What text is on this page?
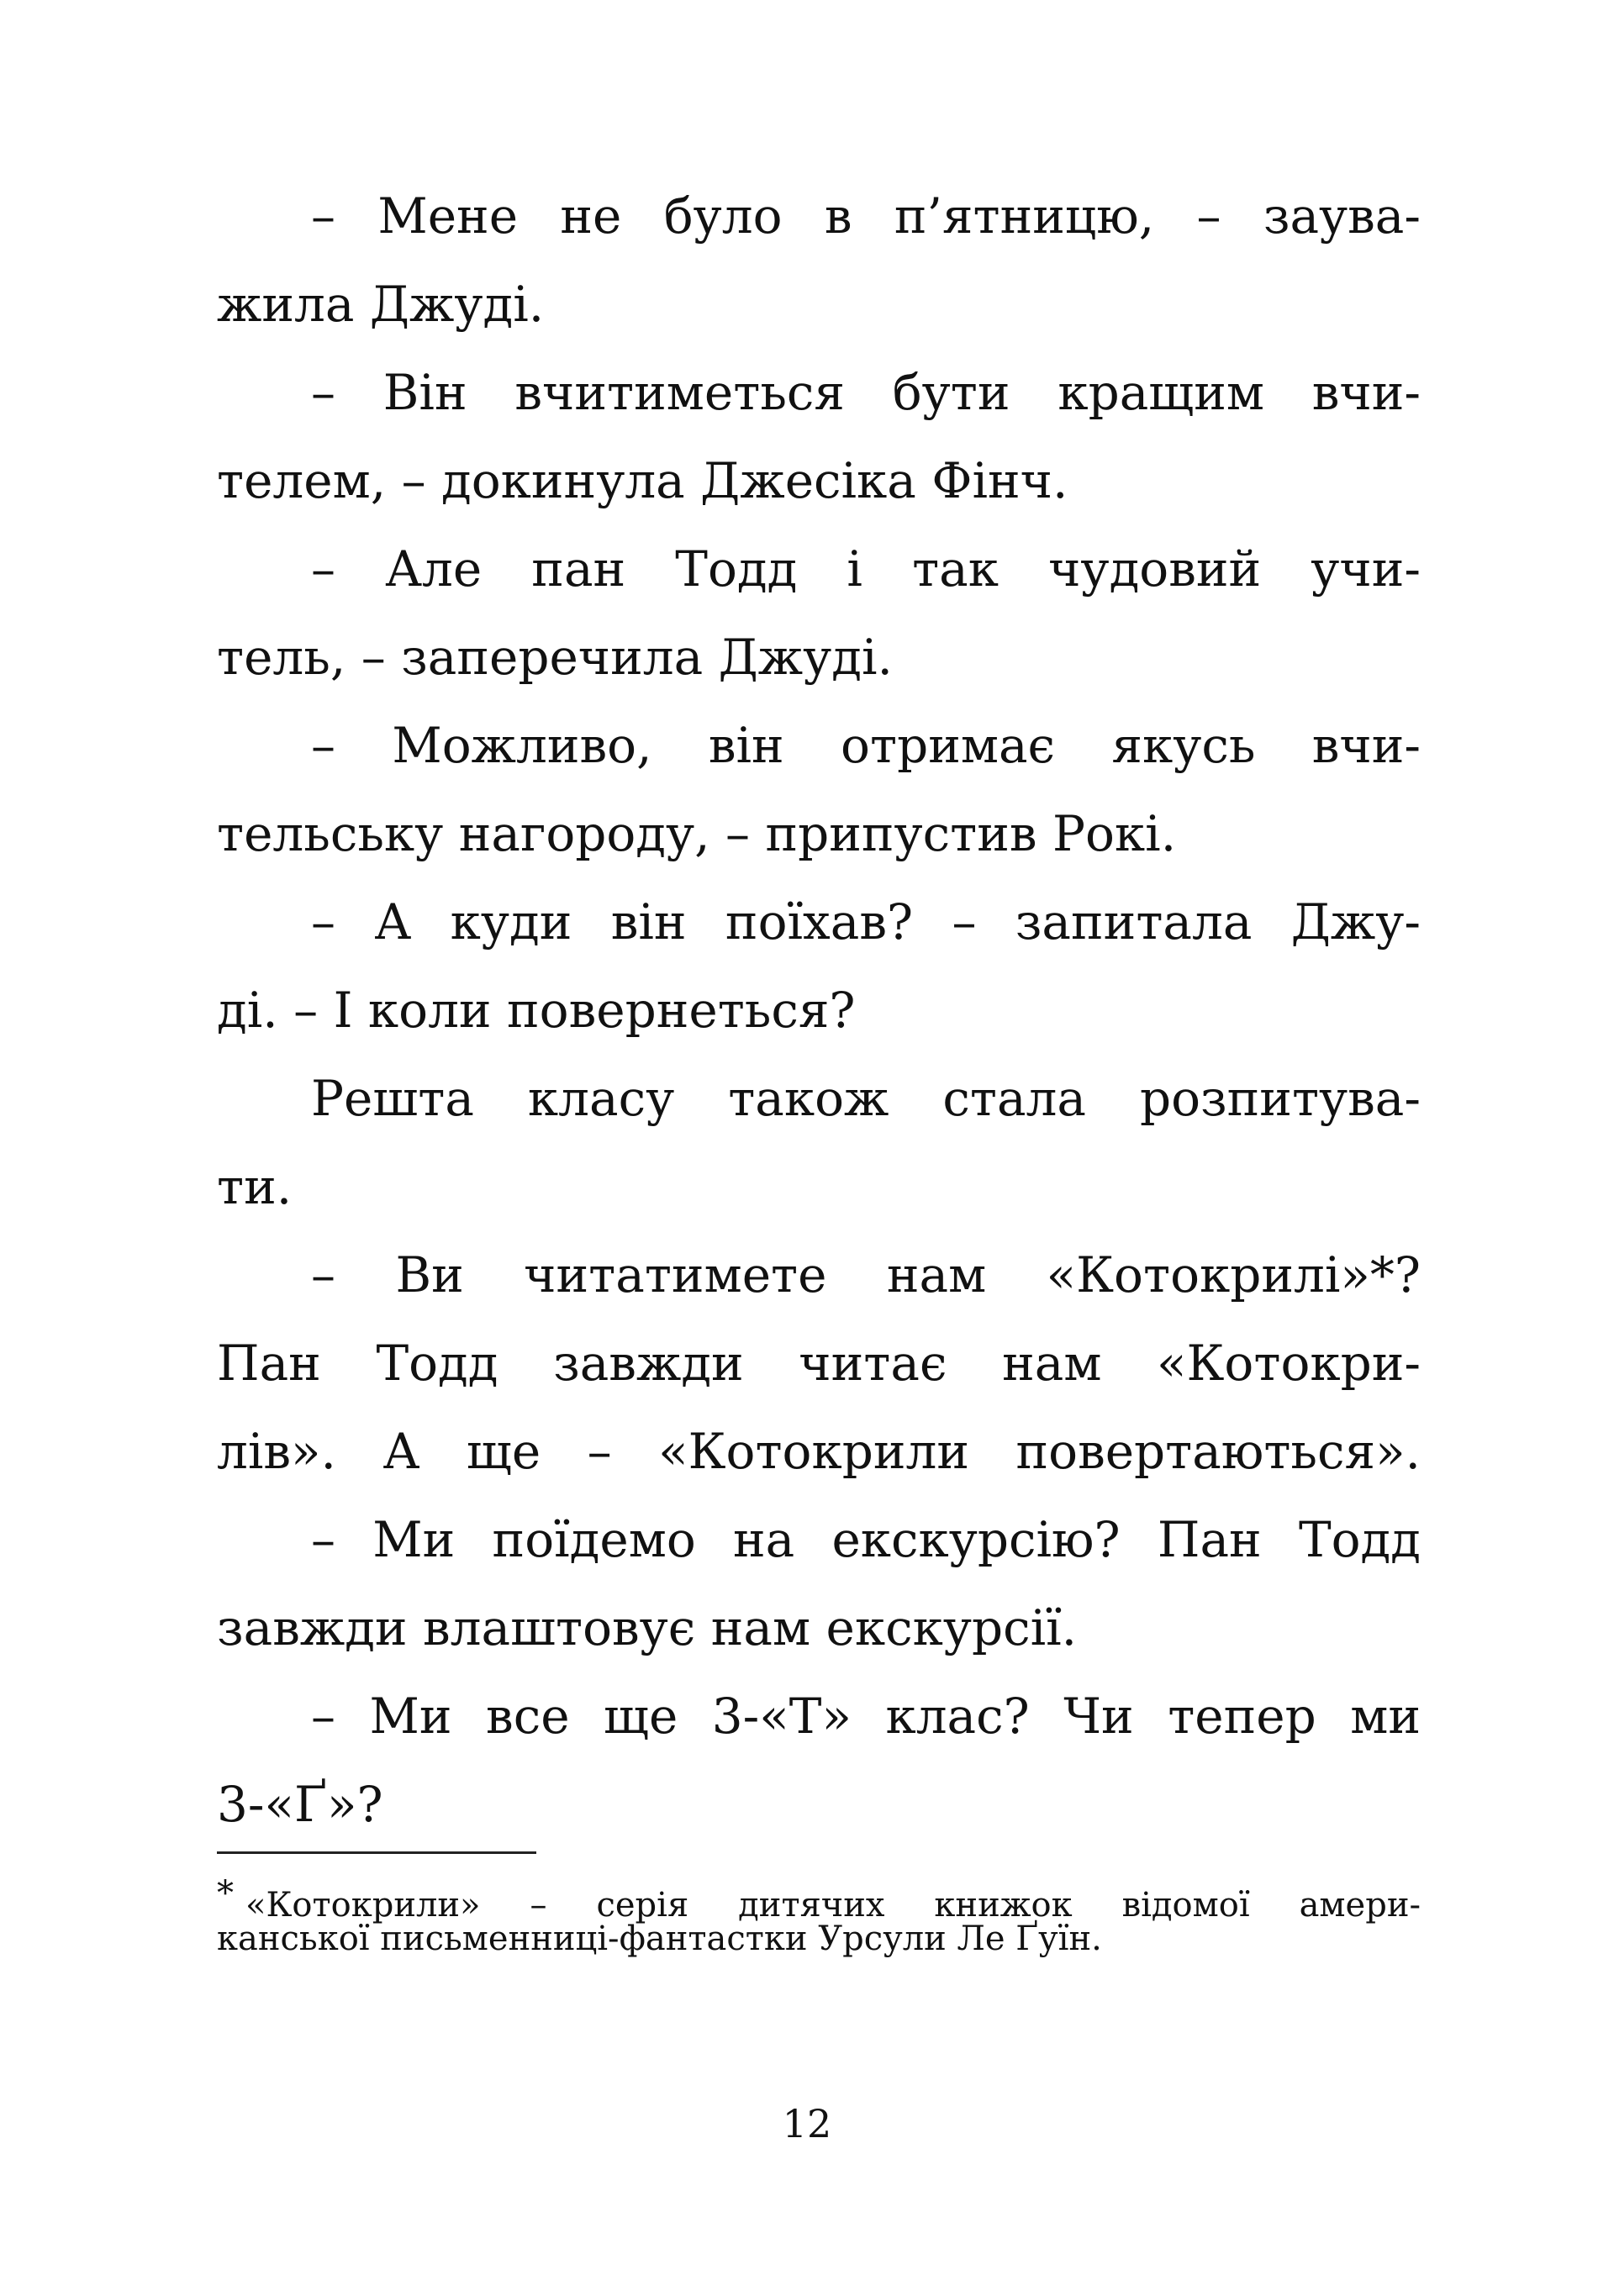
– Мене не було в п’ятницю, – заува-
жила Джуді.
– Він вчитиметься бути кращим вчи-
телем, – докинула Джесіка Фінч.
– Але пан Тодд і так чудовий учи-
тель, – заперечила Джуді.
– Можливо, він отримає якусь вчи-
тельську нагороду, – припустив Рокі.
– А куди він поїхав? – запитала Джу-
ді. – І коли повернеться?
Решта класу також стала розпитува-
ти.
– Ви читатимете нам «Котокрилі»*?
Пан Тодд завжди читає нам «Котокри-
лів». А ще – «Котокрили повертаються».
– Ми поїдемо на екскурсію? Пан Тодд
завжди влаштовує нам екскурсії.
– Ми все ще 3-«Т» клас? Чи тепер ми
3-«Ґ»?
* «Котокрили» – серія дитячих книжок відомої амери-
канської письменниці-фантастки Урсули Ле Ґуїн.
12
